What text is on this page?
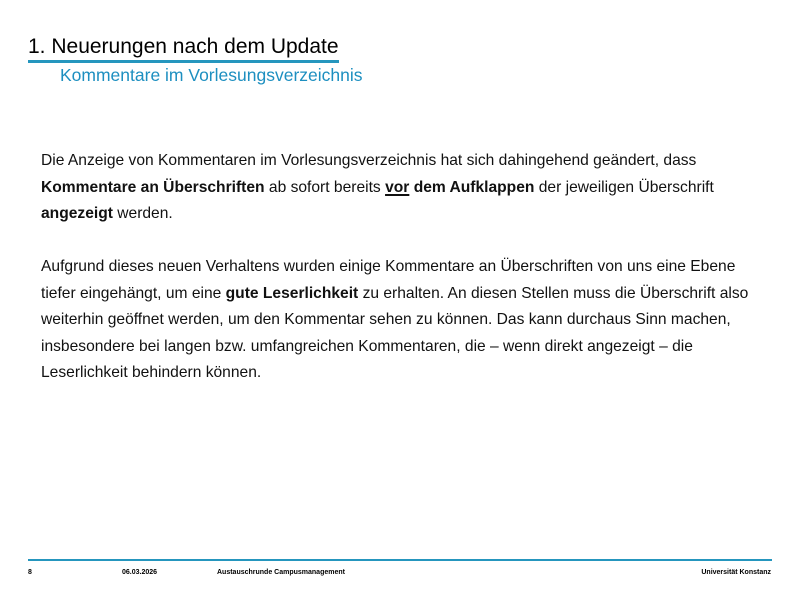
1. Neuerungen nach dem Update
Kommentare im Vorlesungsverzeichnis

Die Anzeige von Kommentaren im Vorlesungsverzeichnis hat sich dahingehend geändert, dass Kommentare an Überschriften ab sofort bereits vor dem Aufklappen der jeweiligen Überschrift angezeigt werden.

Aufgrund dieses neuen Verhaltens wurden einige Kommentare an Überschriften von uns eine Ebene tiefer eingehängt, um eine gute Leserlichkeit zu erhalten. An diesen Stellen muss die Überschrift also weiterhin geöffnet werden, um den Kommentar sehen zu können. Das kann durchaus Sinn machen, insbesondere bei langen bzw. umfangreichen Kommentaren, die – wenn direkt angezeigt – die Leserlichkeit behindern können.

8	06.03.2026	Austauschrunde Campusmanagement	Universität Konstanz
